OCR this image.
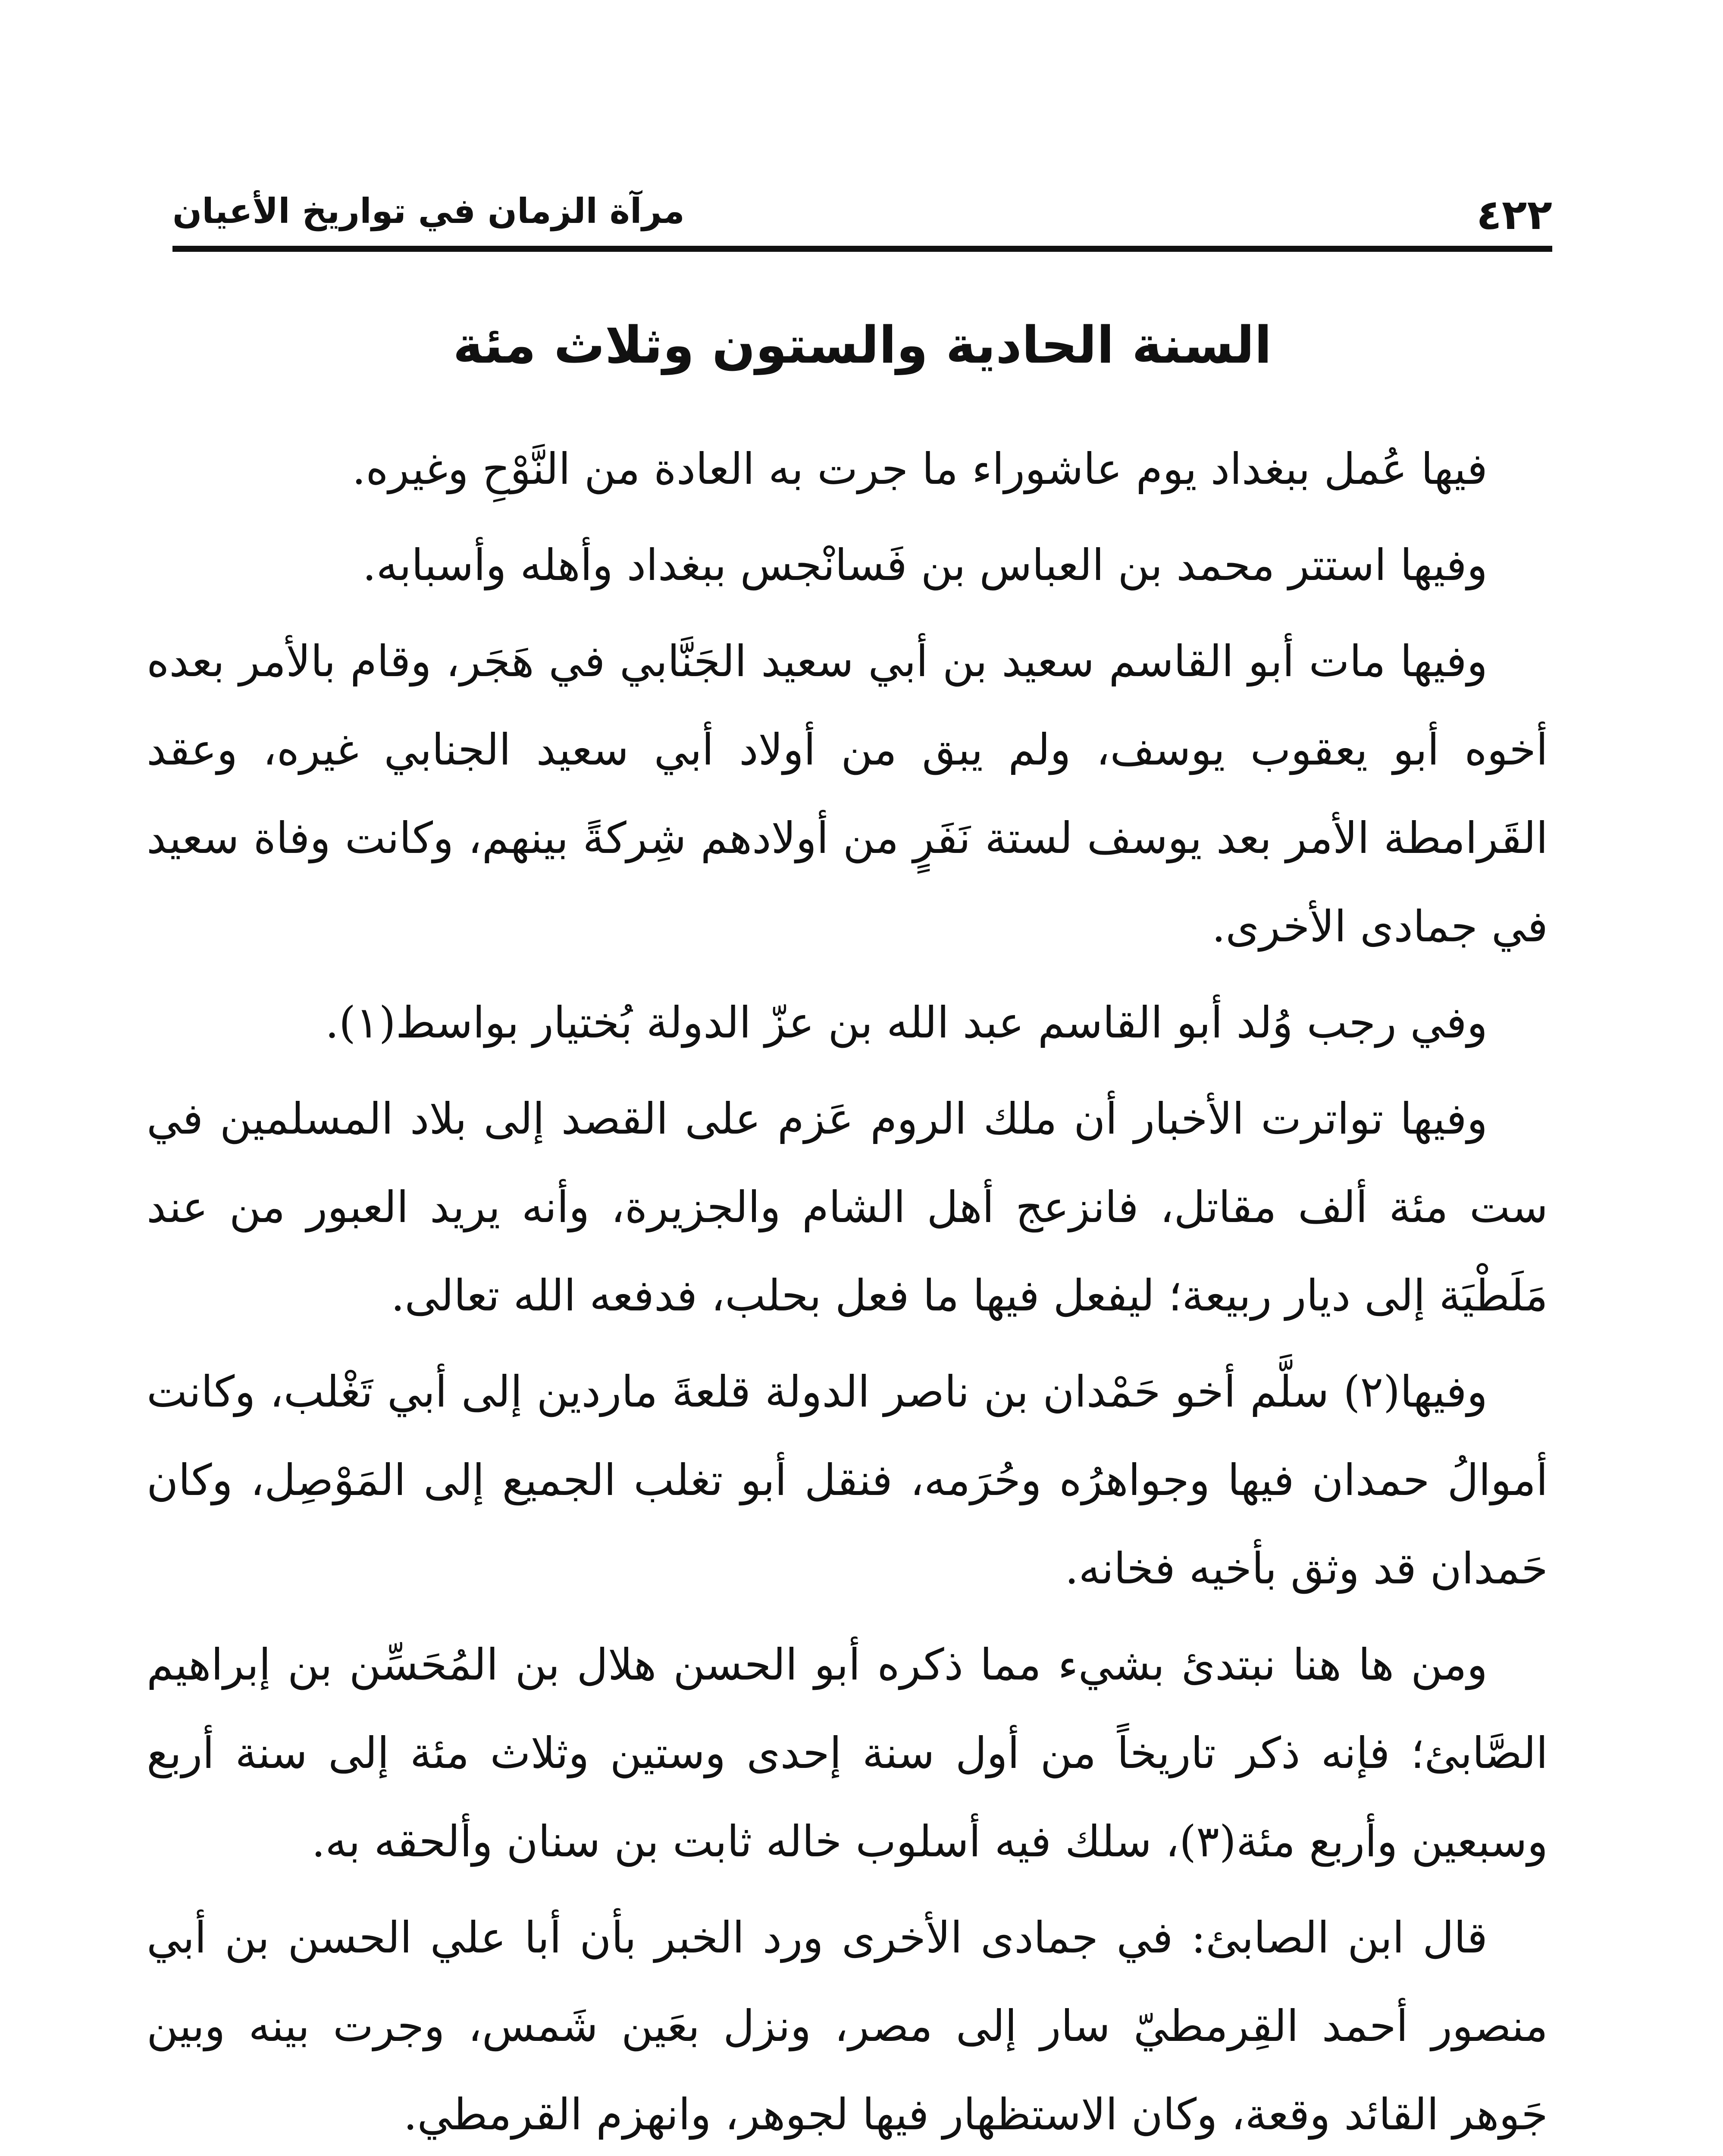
٤٢٢
مرآة الزمان في تواريخ الأعيان
السنة الحادية والستون وثلاث مئة

فيها عُمل ببغداد يوم عاشوراء ما جرت به العادة من النَّوْحِ وغيره.

وفيها استتر محمد بن العباس بن فَسانْجس ببغداد وأهله وأسبابه.

وفيها مات أبو القاسم سعيد بن أبي سعيد الجَنَّابي في هَجَر، وقام بالأمر بعده أخوه أبو يعقوب يوسف، ولم يبق من أولاد أبي سعيد الجنابي غيره، وعقد القَرامطة الأمر بعد يوسف لستة نَفَرٍ من أولادهم شِركةً بينهم، وكانت وفاة سعيد في جمادى الأخرى.

وفي رجب وُلد أبو القاسم عبد الله بن عزّ الدولة بُختيار بواسط(١).

وفيها تواترت الأخبار أن ملك الروم عَزم على القصد إلى بلاد المسلمين في ست مئة ألف مقاتل، فانزعج أهل الشام والجزيرة، وأنه يريد العبور من عند مَلَطْيَة إلى ديار ربيعة؛ ليفعل فيها ما فعل بحلب، فدفعه الله تعالى.

وفيها(٢) سلَّم أخو حَمْدان بن ناصر الدولة قلعةَ ماردين إلى أبي تَغْلب، وكانت أموالُ حمدان فيها وجواهرُه وحُرَمه، فنقل أبو تغلب الجميع إلى المَوْصِل، وكان حَمدان قد وثق بأخيه فخانه.

ومن ها هنا نبتدئ بشيء مما ذكره أبو الحسن هلال بن المُحَسِّن بن إبراهيم الصَّابئ؛ فإنه ذكر تاريخاً من أول سنة إحدى وستين وثلاث مئة إلى سنة أربع وسبعين وأربع مئة(٣)، سلك فيه أسلوب خاله ثابت بن سنان وألحقه به.

قال ابن الصابئ: في جمادى الأخرى ورد الخبر بأن أبا علي الحسن بن أبي منصور أحمد القِرمطيّ سار إلى مصر، ونزل بعَين شَمس، وجرت بينه وبين جَوهر القائد وقعة، وكان الاستظهار فيها لجوهر، وانهزم القرمطي.
